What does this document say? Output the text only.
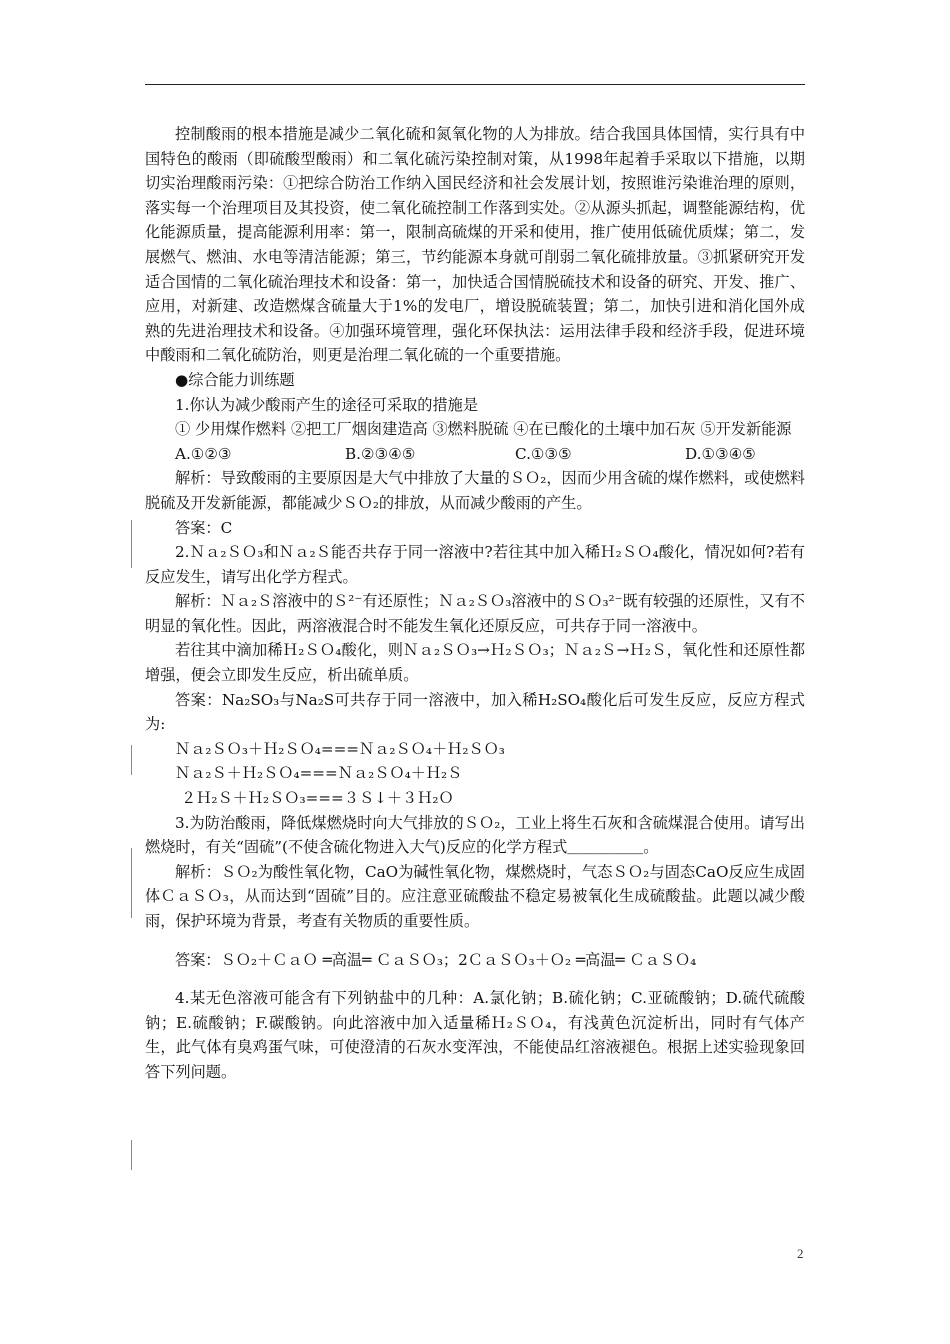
控制酸雨的根本措施是减少二氧化硫和氮氧化物的人为排放。结合我国具体国情，实行具有中国特色的酸雨（即硫酸型酸雨）和二氧化硫污染控制对策，从1998年起着手采取以下措施，以期切实治理酸雨污染：①把综合防治工作纳入国民经济和社会发展计划，按照谁污染谁治理的原则，落实每一个治理项目及其投资，使二氧化硫控制工作落到实处。②从源头抓起，调整能源结构，优化能源质量，提高能源利用率：第一，限制高硫煤的开采和使用，推广使用低硫优质煤；第二，发展燃气、燃油、水电等清洁能源；第三，节约能源本身就可削弱二氧化硫排放量。③抓紧研究开发适合国情的二氧化硫治理技术和设备：第一，加快适合国情脱硫技术和设备的研究、开发、推广、应用，对新建、改造燃煤含硫量大于1%的发电厂，增设脱硫装置；第二，加快引进和消化国外成熟的先进治理技术和设备。④加强环境管理，强化环保执法：运用法律手段和经济手段，促进环境中酸雨和二氧化硫防治，则更是治理二氧化硫的一个重要措施。

●综合能力训练题

1.你认为减少酸雨产生的途径可采取的措施是

① 少用煤作燃料 ②把工厂烟囱建造高 ③燃料脱硫 ④在已酸化的土壤中加石灰 ⑤开发新能源

A.①②③	B.②③④⑤	C.①③⑤	D.①③④⑤

解析：导致酸雨的主要原因是大气中排放了大量的ＳＯ₂，因而少用含硫的煤作燃料，或使燃料脱硫及开发新能源，都能减少ＳＯ₂的排放，从而减少酸雨的产生。

答案：C

2.Ｎａ₂ＳＯ₃和Ｎａ₂Ｓ能否共存于同一溶液中?若往其中加入稀Ｈ₂ＳＯ₄酸化，情况如何?若有反应发生，请写出化学方程式。

解析：Ｎａ₂Ｓ溶液中的Ｓ²⁻有还原性；Ｎａ₂ＳＯ₃溶液中的ＳＯ₃²⁻既有较强的还原性，又有不明显的氧化性。因此，两溶液混合时不能发生氧化还原反应，可共存于同一溶液中。

若往其中滴加稀Ｈ₂ＳＯ₄酸化，则Ｎａ₂ＳＯ₃→Ｈ₂ＳＯ₃；Ｎａ₂Ｓ→Ｈ₂Ｓ，氧化性和还原性都增强，便会立即发生反应，析出硫单质。

答案：Na₂SO₃与Na₂S可共存于同一溶液中，加入稀H₂SO₄酸化后可发生反应，反应方程式为:

Ｎａ₂ＳＯ₃＋Ｈ₂ＳＯ₄===Ｎａ₂ＳＯ₄＋Ｈ₂ＳＯ₃

Ｎａ₂Ｓ＋Ｈ₂ＳＯ₄===Ｎａ₂ＳＯ₄＋Ｈ₂Ｓ

２Ｈ₂Ｓ＋Ｈ₂ＳＯ₃===３Ｓ↓＋３Ｈ₂Ｏ

3.为防治酸雨，降低煤燃烧时向大气排放的ＳＯ₂，工业上将生石灰和含硫煤混合使用。请写出燃烧时，有关“固硫”(不使含硫化物进入大气)反应的化学方程式＿＿＿＿＿。

解析：ＳＯ₂为酸性氧化物，CaO为碱性氧化物，煤燃烧时，气态ＳＯ₂与固态CaO反应生成固体ＣａＳＯ₃，从而达到“固硫”目的。应注意亚硫酸盐不稳定易被氧化生成硫酸盐。此题以减少酸雨，保护环境为背景，考查有关物质的重要性质。

答案：ＳＯ₂＋ＣａＯ ═高温═ ＣａＳＯ₃；2ＣａＳＯ₃＋Ｏ₂ ═高温═ ＣａＳＯ₄

4.某无色溶液可能含有下列钠盐中的几种：A.氯化钠；B.硫化钠；C.亚硫酸钠；D.硫代硫酸钠；E.硫酸钠；F.碳酸钠。向此溶液中加入适量稀Ｈ₂ＳＯ₄，有浅黄色沉淀析出，同时有气体产生，此气体有臭鸡蛋气味，可使澄清的石灰水变浑浊，不能使品红溶液褪色。根据上述实验现象回答下列问题。

2
